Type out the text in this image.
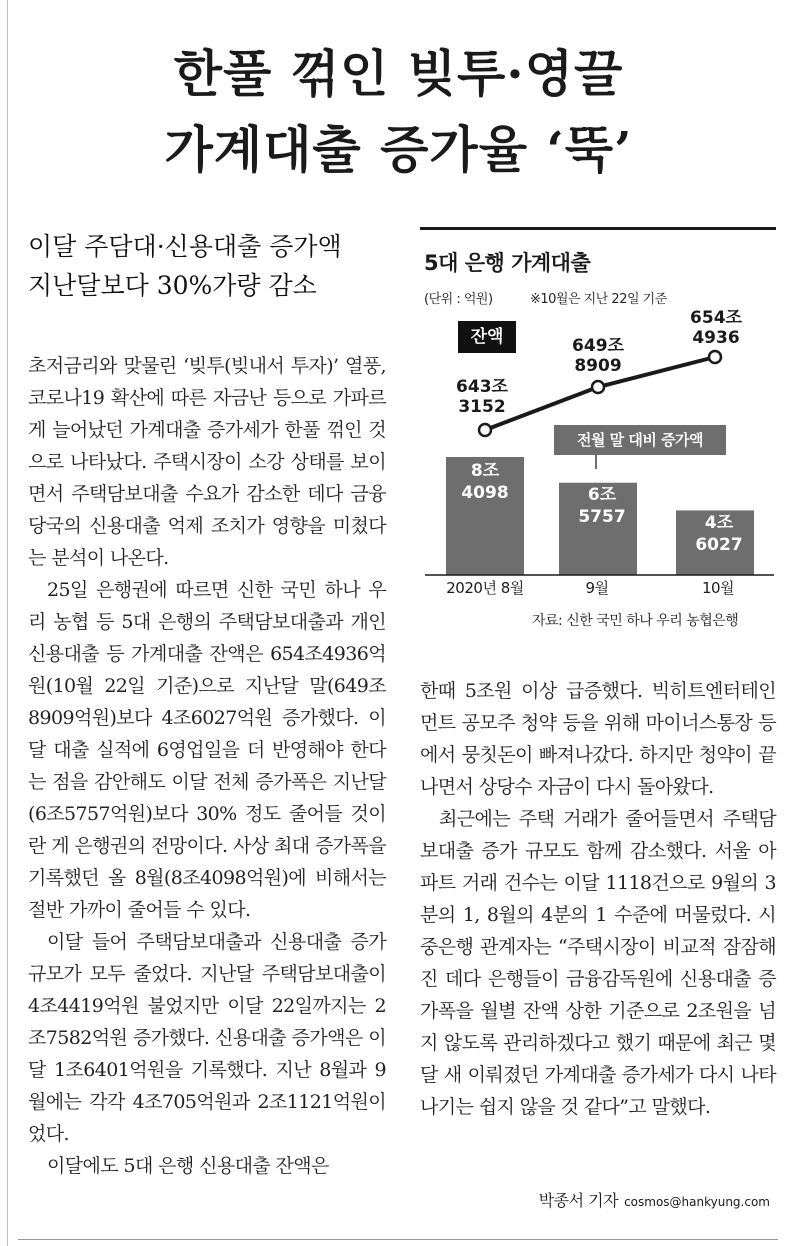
한풀 꺾인 빚투·영끌
가계대출 증가율 ‘뚝’
이달 주담대·신용대출 증가액
지난달보다 30%가량 감소

초저금리와 맞물린 ‘빚투(빚내서 투자)’ 열풍, 코로나19 확산에 따른 자금난 등으로 가파르게 늘어났던 가계대출 증가세가 한풀 꺾인 것으로 나타났다. 주택시장이 소강 상태를 보이면서 주택담보대출 수요가 감소한 데다 금융당국의 신용대출 억제 조치가 영향을 미쳤다는 분석이 나온다.

25일 은행권에 따르면 신한 국민 하나 우리 농협 등 5대 은행의 주택담보대출과 개인신용대출 등 가계대출 잔액은 654조4936억원(10월 22일 기준)으로 지난달 말(649조8909억원)보다 4조6027억원 증가했다. 이달 대출 실적에 6영업일을 더 반영해야 한다는 점을 감안해도 이달 전체 증가폭은 지난달(6조5757억원)보다 30% 정도 줄어들 것이란 게 은행권의 전망이다. 사상 최대 증가폭을 기록했던 올 8월(8조4098억원)에 비해서는 절반 가까이 줄어들 수 있다.

이달 들어 주택담보대출과 신용대출 증가 규모가 모두 줄었다. 지난달 주택담보대출이 4조4419억원 불었지만 이달 22일까지는 2조7582억원 증가했다. 신용대출 증가액은 이달 1조6401억원을 기록했다. 지난 8월과 9월에는 각각 4조705억원과 2조1121억원이었다.

이달에도 5대 은행 신용대출 잔액은

5대 은행 가계대출
(단위 : 억원)	※10월은 지난 22일 기준
잔액
전월 말 대비 증가액
643조
3152
649조
8909
654조
4936
8조
4098	6조
5757	4조
6027
2020년 8월	9월	10월
자료: 신한 국민 하나 우리 농협은행

한때 5조원 이상 급증했다. 빅히트엔터테인먼트 공모주 청약 등을 위해 마이너스통장 등에서 뭉칫돈이 빠져나갔다. 하지만 청약이 끝나면서 상당수 자금이 다시 돌아왔다.

최근에는 주택 거래가 줄어들면서 주택담보대출 증가 규모도 함께 감소했다. 서울 아파트 거래 건수는 이달 1118건으로 9월의 3분의 1, 8월의 4분의 1 수준에 머물렀다. 시중은행 관계자는 “주택시장이 비교적 잠잠해진 데다 은행들이 금융감독원에 신용대출 증가폭을 월별 잔액 상한 기준으로 2조원을 넘지 않도록 관리하겠다고 했기 때문에 최근 몇 달 새 이뤄졌던 가계대출 증가세가 다시 나타나기는 쉽지 않을 것 같다”고 말했다.

박종서 기자 cosmos@hankyung.com
